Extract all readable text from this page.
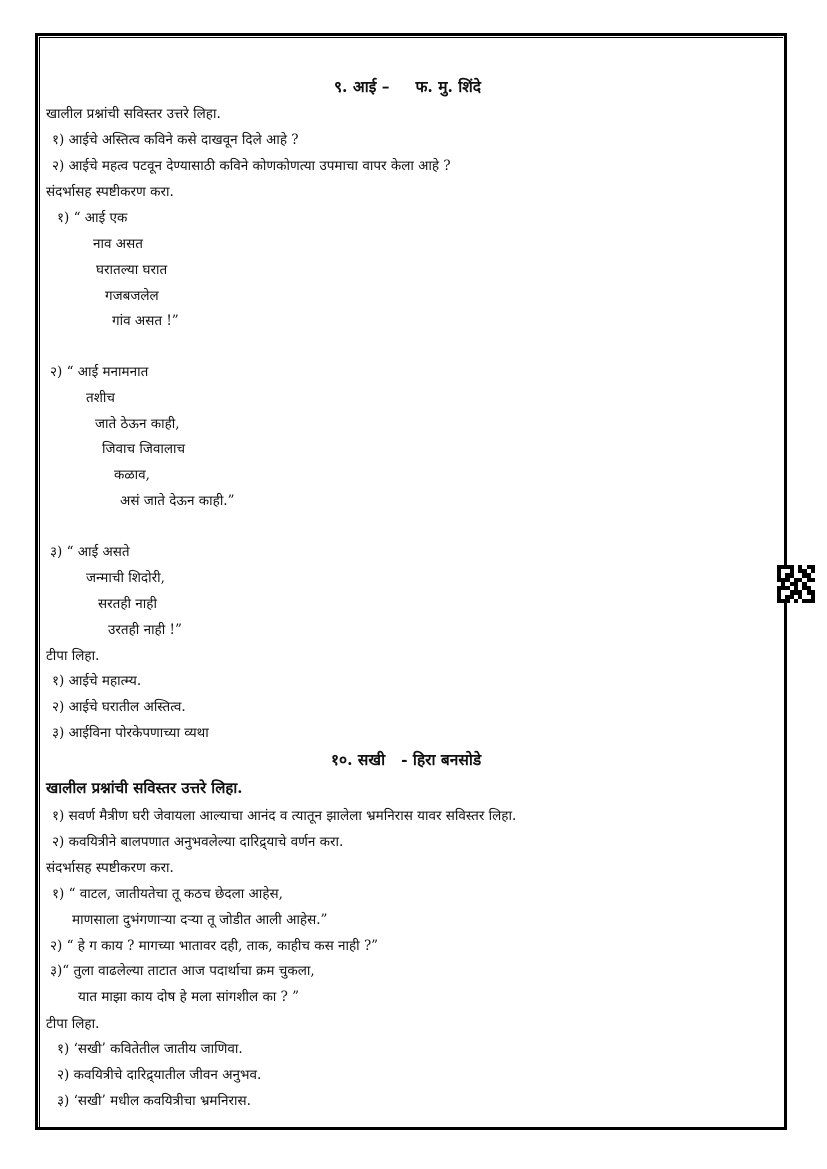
९. आई – फ. मु. शिंदे
खालील प्रश्नांची सविस्तर उत्तरे लिहा.
१) आईचे अस्तित्व कविने कसे दाखवून दिले आहे ?
२) आईचे महत्व पटवून देण्यासाठी कविने कोणकोणत्या उपमाचा वापर केला आहे ?
संदर्भासह स्पष्टीकरण करा.
१) “ आई एक
नाव असत
घरातल्या घरात
गजबजलेल
गांव असत !”
२) “ आई मनामनात
तशीच
जाते ठेऊन काही,
जिवाच जिवालाच
कळाव,
असं जाते देऊन काही.”
३) “ आई असते
जन्माची शिदोरी,
सरतही नाही
उरतही नाही !”
टीपा लिहा.
१) आईचे महात्म्य.
२) आईचे घरातील अस्तित्व.
३) आईविना पोरकेपणाच्या व्यथा
१०. सखी - हिरा बनसोडे
खालील प्रश्नांची सविस्तर उत्तरे लिहा.
१) सवर्ण मैत्रीण घरी जेवायला आल्याचा आनंद व त्यातून झालेला भ्रमनिरास यावर सविस्तर लिहा.
२) कवयित्रीने बालपणात अनुभवलेल्या दारिद्र्याचे वर्णन करा.
संदर्भासह स्पष्टीकरण करा.
१) “ वाटल, जातीयतेचा तू कठच छेदला आहेस,
माणसाला दुभंगणाऱ्या दऱ्या तू जोडीत आली आहेस.”
२) “ हे ग काय ? मागच्या भातावर दही, ताक, काहीच कस नाही ?”
३)“ तुला वाढलेल्या ताटात आज पदार्थाचा क्रम चुकला,
यात माझा काय दोष हे मला सांगशील का ? ”
टीपा लिहा.
१) ‘सखी’ कवितेतील जातीय जाणिवा.
२) कवयित्रीचे दारिद्र्यातील जीवन अनुभव.
३) ‘सखी’ मधील कवयित्रीचा भ्रमनिरास.
